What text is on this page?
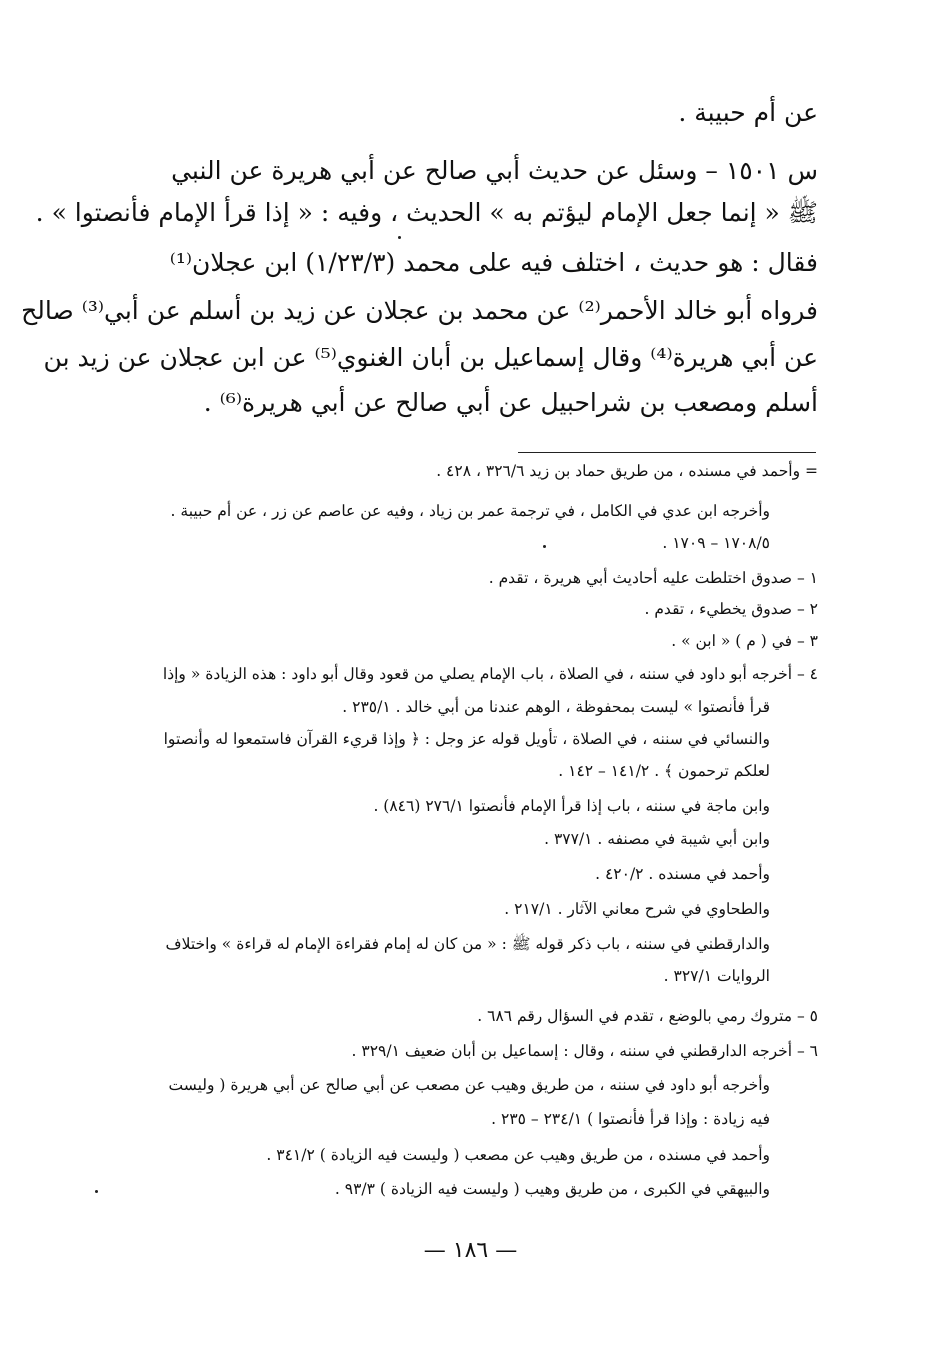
عن أم حبيبة .
س ١٥٠١ – وسئل عن حديث أبي صالح عن أبي هريرة عن النبي
ﷺ « إنما جعل الإمام ليؤتم به » الحديث ، وفيه : « إذا قرأ الإمام فأنصتوا » .
فقال : هو حديث ، اختلف فيه على محمد (١/٢٣/٣) ابن عجلان⁽¹⁾
فرواه أبو خالد الأحمر⁽²⁾ عن محمد بن عجلان عن زيد بن أسلم عن أبي⁽³⁾ صالح
عن أبي هريرة⁽⁴⁾ وقال إسماعيل بن أبان الغنوي⁽⁵⁾ عن ابن عجلان عن زيد بن
أسلم ومصعب بن شراحبيل عن أبي صالح عن أبي هريرة⁽⁶⁾ .
= وأحمد في مسنده ، من طريق حماد بن زيد ٣٢٦/٦ ، ٤٢٨ .
وأخرجه ابن عدي في الكامل ، في ترجمة عمر بن زياد ، وفيه عن عاصم عن زر ، عن أم حبيبة .
١٧٠٨/٥ – ١٧٠٩ .
١ – صدوق اختلطت عليه أحاديث أبي هريرة ، تقدم .
٢ – صدوق يخطيء ، تقدم .
٣ – في ( م ) « ابن » .
٤ – أخرجه أبو داود في سننه ، في الصلاة ، باب الإمام يصلي من قعود وقال أبو داود : هذه الزيادة « وإذا
قرأ فأنصتوا » ليست بمحفوظة ، الوهم عندنا من أبي خالد . ٢٣٥/١ .
والنسائي في سننه ، في الصلاة ، تأويل قوله عز وجل : ﴿ وإذا قريء القرآن فاستمعوا له وأنصتوا
لعلكم ترحمون ﴾ . ١٤١/٢ – ١٤٢ .
وابن ماجة في سننه ، باب إذا قرأ الإمام فأنصتوا ٢٧٦/١ (٨٤٦) .
وابن أبي شيبة في مصنفه . ٣٧٧/١ .
وأحمد في مسنده . ٤٢٠/٢ .
والطحاوي في شرح معاني الآثار . ٢١٧/١ .
والدارقطني في سننه ، باب ذكر قوله ﷺ : « من كان له إمام فقراءة الإمام له قراءة » واختلاف
الروايات ٣٢٧/١ .
٥ – متروك رمي بالوضع ، تقدم في السؤال رقم ٦٨٦ .
٦ – أخرجه الدارقطني في سننه ، وقال : إسماعيل بن أبان ضعيف ٣٢٩/١ .
وأخرجه أبو داود في سننه ، من طريق وهيب عن مصعب عن أبي صالح عن أبي هريرة ( وليست
فيه زيادة : وإذا قرأ فأنصتوا ) ٢٣٤/١ – ٢٣٥ .
وأحمد في مسنده ، من طريق وهيب عن مصعب ( وليست فيه الزيادة ) ٣٤١/٢ .
والبيهقي في الكبرى ، من طريق وهيب ( وليست فيه الزيادة ) ٩٣/٣ .
— ١٨٦ —
